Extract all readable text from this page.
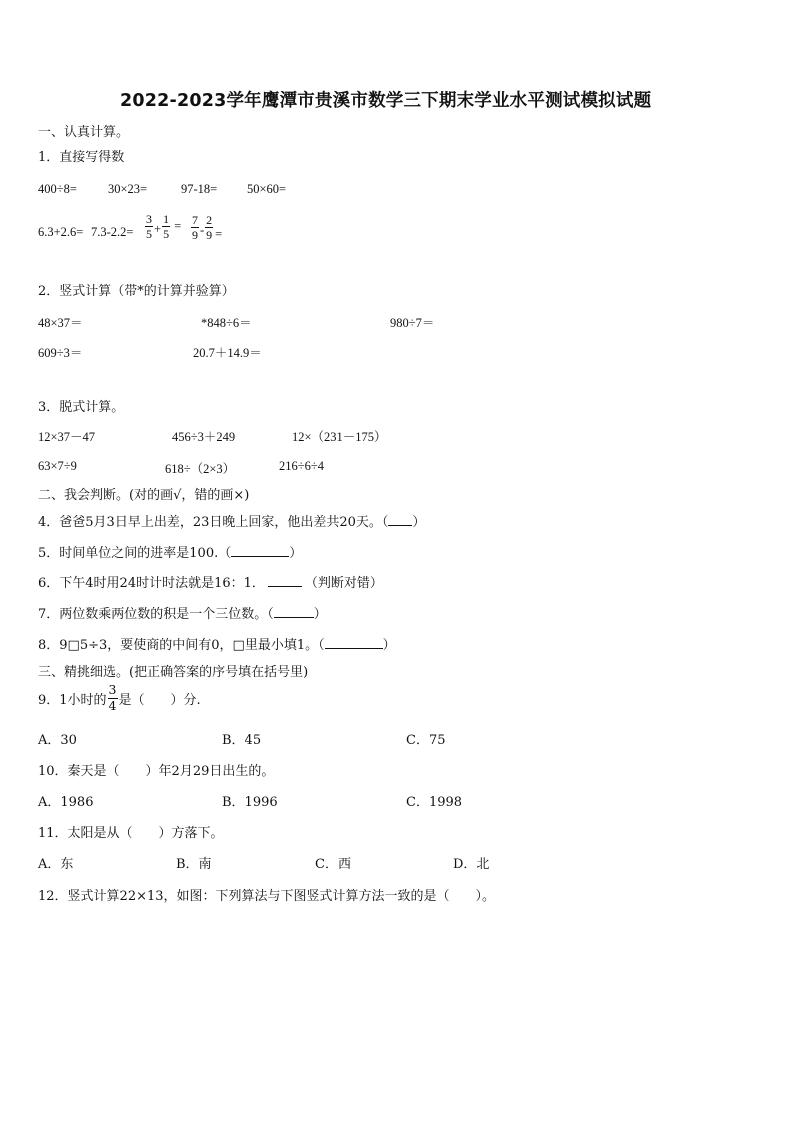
2022-2023学年鹰潭市贵溪市数学三下期末学业水平测试模拟试题
一、认真计算。
1．直接写得数
400÷8= 30×23=	97-18= 50×60=
$6.3+2.6= 7.3-2.2= \frac{3}{5} + \frac{1}{5} = \frac{7}{9} - \frac{2}{9}$ =
2．竖式计算（带*的计算并验算）
48×37＝	*848÷6＝	980÷7＝
609÷3＝	20.7＋14.9＝
3．脱式计算。
12×37－47	456÷3＋249	12×（231－175）
63×7÷9	618÷（2×3）	216÷6÷4
二、我会判断。(对的画√，错的画×)
4．爸爸5月3日早上出差，23日晚上回家，他出差共20天。（ ）
5．时间单位之间的进率是100.（	）
6．下午4时用24时计时法就是16：1．	（判断对错）
7．两位数乘两位数的积是一个三位数。（	）
8．9□5÷3，要使商的中间有0，□里最小填1。（	）
三、精挑细选。(把正确答案的序号填在括号里)
9．1小时的 $\frac{3}{4}$ 是（　　）分.
A．30	B．45	C．75
10．秦天是（　　）年2月29日出生的。
A．1986	B．1996	C．1998
11．太阳是从（　　）方落下。
A．东	B．南	C．西	D．北
12．竖式计算22×13，如图：下列算法与下图竖式计算方法一致的是（　　）。
